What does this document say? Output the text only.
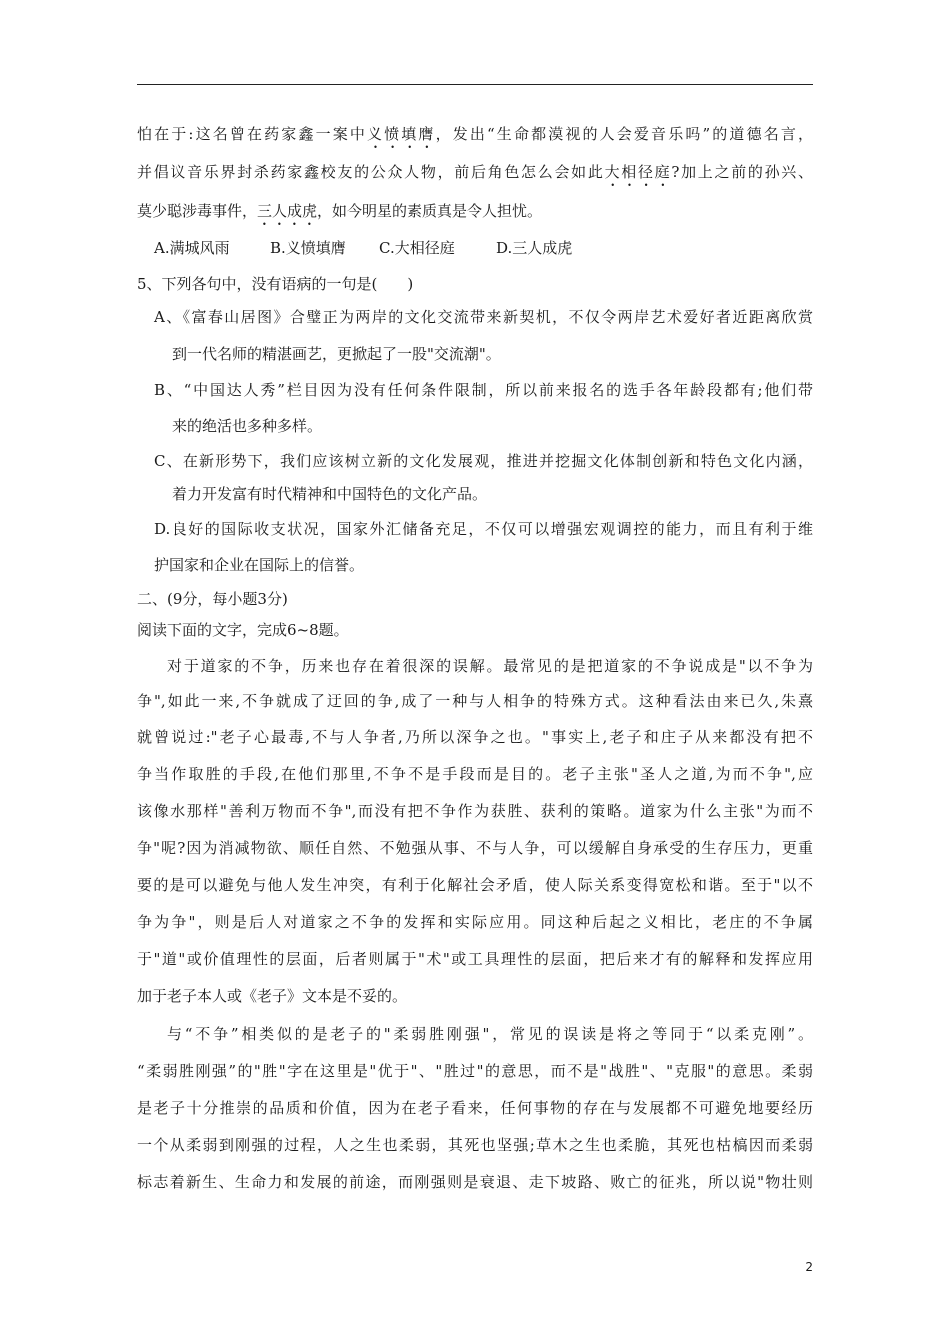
怕在于:这名曾在药家鑫一案中义愤填膺，发出“生命都漠视的人会爱音乐吗”的道德名言，
并倡议音乐界封杀药家鑫校友的公众人物，前后角色怎么会如此大相径庭?加上之前的孙兴、
莫少聪涉毒事件，三人成虎，如今明星的素质真是令人担忧。
A.满城风雨	B.义愤填膺 C.大相径庭	D.三人成虎
5、下列各句中，没有语病的一句是(　　)
A、《富春山居图》合璧正为两岸的文化交流带来新契机，不仅令两岸艺术爱好者近距离欣赏
到一代名师的精湛画艺，更掀起了一股"交流潮"。
B、“中国达人秀”栏目因为没有任何条件限制，所以前来报名的选手各年龄段都有;他们带
来的绝活也多种多样。
C、在新形势下，我们应该树立新的文化发展观，推进并挖掘文化体制创新和特色文化内涵，
着力开发富有时代精神和中国特色的文化产品。
D.良好的国际收支状况，国家外汇储备充足，不仅可以增强宏观调控的能力，而且有利于维
护国家和企业在国际上的信誉。
二、(9分，每小题3分)
阅读下面的文字，完成6~8题。
对于道家的不争，历来也存在着很深的误解。最常见的是把道家的不争说成是"以不争为
争",如此一来,不争就成了迂回的争,成了一种与人相争的特殊方式。这种看法由来已久,朱熹
就曾说过:"老子心最毒,不与人争者,乃所以深争之也。"事实上,老子和庄子从来都没有把不
争当作取胜的手段,在他们那里,不争不是手段而是目的。老子主张"圣人之道,为而不争",应
该像水那样"善利万物而不争",而没有把不争作为获胜、获利的策略。道家为什么主张"为而不
争"呢?因为消减物欲、顺任自然、不勉强从事、不与人争，可以缓解自身承受的生存压力，更重
要的是可以避免与他人发生冲突，有利于化解社会矛盾，使人际关系变得宽松和谐。至于"以不
争为争"，则是后人对道家之不争的发挥和实际应用。同这种后起之义相比，老庄的不争属
于"道"或价值理性的层面，后者则属于"术"或工具理性的层面，把后来才有的解释和发挥应用
加于老子本人或《老子》文本是不妥的。
与“不争”相类似的是老子的"柔弱胜刚强"，常见的误读是将之等同于“以柔克刚”。
“柔弱胜刚强”的"胜"字在这里是"优于"、"胜过"的意思，而不是"战胜"、"克服"的意思。柔弱
是老子十分推崇的品质和价值，因为在老子看来，任何事物的存在与发展都不可避免地要经历
一个从柔弱到刚强的过程，人之生也柔弱，其死也坚强;草木之生也柔脆，其死也枯槁因而柔弱
标志着新生、生命力和发展的前途，而刚强则是衰退、走下坡路、败亡的征兆，所以说"物壮则
2
